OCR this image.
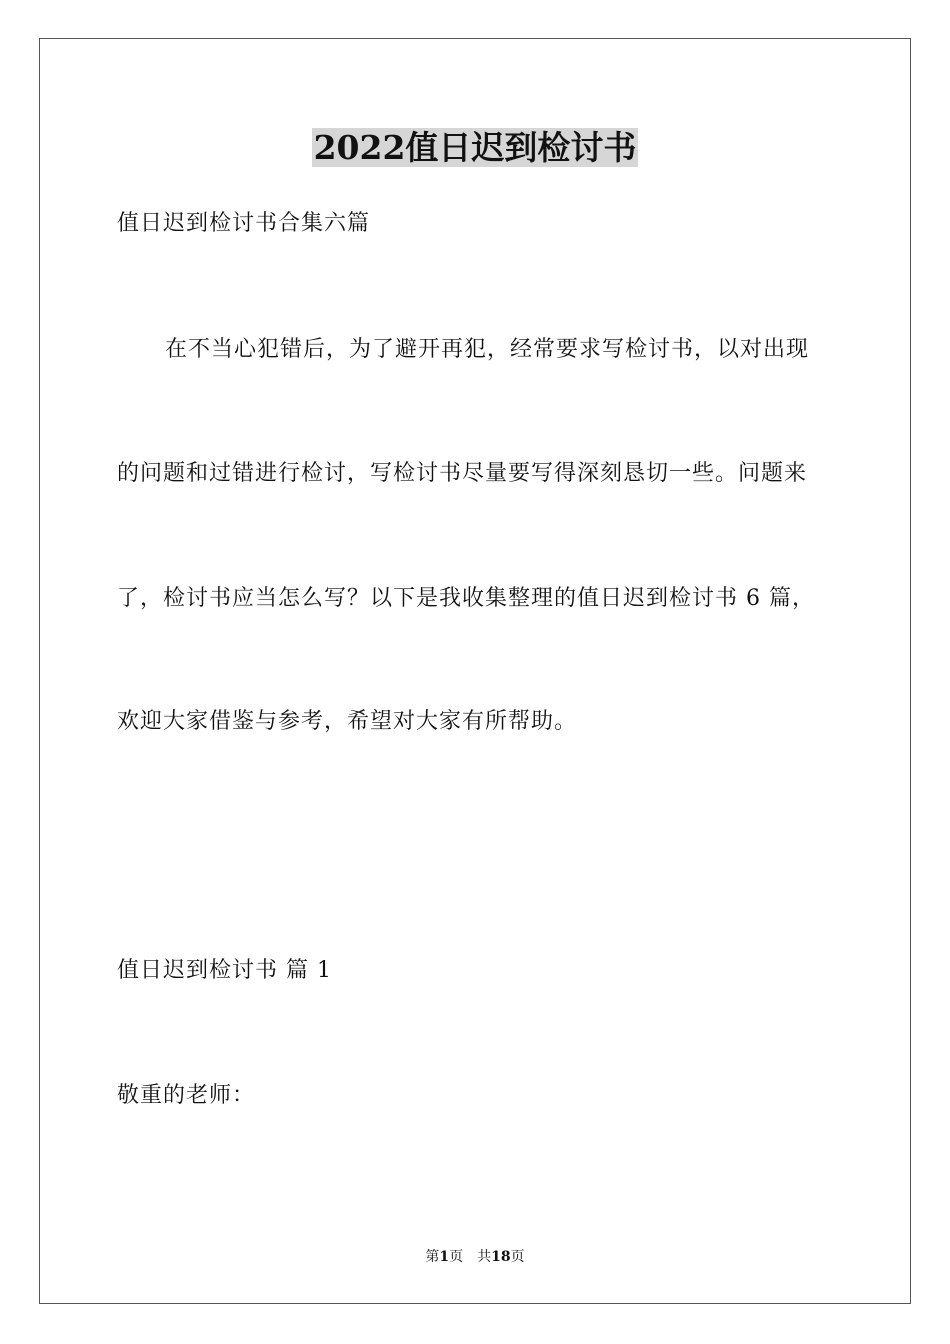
2022值日迟到检讨书
值日迟到检讨书合集六篇
在不当心犯错后，为了避开再犯，经常要求写检讨书，以对出现
的问题和过错进行检讨，写检讨书尽量要写得深刻恳切一些。问题来
了，检讨书应当怎么写？以下是我收集整理的值日迟到检讨书 6 篇，
欢迎大家借鉴与参考，希望对大家有所帮助。
值日迟到检讨书 篇 1
敬重的老师：
第1页 共18页
